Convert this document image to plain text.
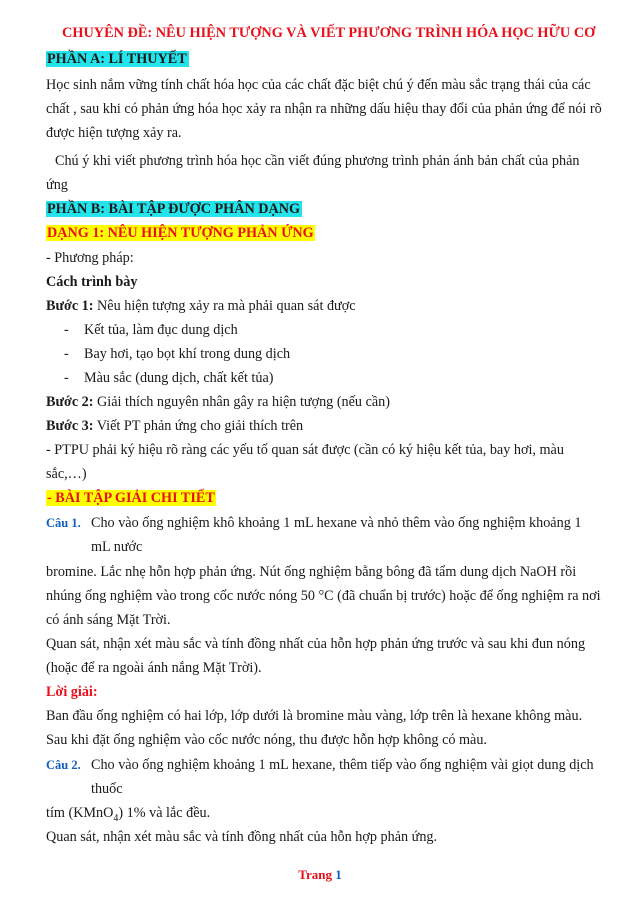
CHUYÊN ĐỀ: NÊU HIỆN TƯỢNG VÀ VIẾT PHƯƠNG TRÌNH HÓA HỌC HỮU CƠ
PHẦN A: LÍ THUYẾT
Học sinh nắm vững tính chất hóa học của các chất đặc biệt chú ý đến màu sắc trạng thái của các
chất , sau khi có phản ứng hóa học xảy ra nhận ra những dấu hiệu thay đổi của phản ứng để nói rõ
được hiện tượng xảy ra.
Chú ý khi viết phương trình hóa học cần viết đúng phương trình phản ánh bản chất của phản
ứng
PHẦN B: BÀI TẬP ĐƯỢC PHÂN DẠNG
DẠNG 1: NÊU HIỆN TƯỢNG PHẢN ỨNG
- Phương pháp:
Cách trình bày
Bước 1: Nêu hiện tượng xảy ra mà phải quan sát được
- Kết tủa, làm đục dung dịch
- Bay hơi, tạo bọt khí trong dung dịch
- Màu sắc (dung dịch, chất kết tủa)
Bước 2: Giải thích nguyên nhân gây ra hiện tượng (nếu cần)
Bước 3: Viết PT phản ứng cho giải thích trên
- PTPU phải ký hiệu rõ ràng các yếu tố quan sát được (cần có ký hiệu kết tủa, bay hơi, màu
sắc,…)
- BÀI TẬP GIẢI CHI TIẾT
Câu 1. Cho vào ống nghiệm khô khoảng 1 mL hexane và nhỏ thêm vào ống nghiệm khoảng 1
mL nước
bromine. Lắc nhẹ hỗn hợp phản ứng. Nút ống nghiệm bằng bông đã tẩm dung dịch NaOH rồi
nhúng ống nghiệm vào trong cốc nước nóng 50 °C (đã chuẩn bị trước) hoặc để ống nghiệm ra nơi
có ánh sáng Mặt Trời.
Quan sát, nhận xét màu sắc và tính đồng nhất của hỗn hợp phản ứng trước và sau khi đun nóng
(hoặc để ra ngoài ánh nắng Mặt Trời).
Lời giải:
Ban đầu ống nghiệm có hai lớp, lớp dưới là bromine màu vàng, lớp trên là hexane không màu.
Sau khi đặt ống nghiệm vào cốc nước nóng, thu được hỗn hợp không có màu.
Câu 2. Cho vào ống nghiệm khoảng 1 mL hexane, thêm tiếp vào ống nghiệm vài giọt dung dịch
thuốc
tím (KMnO$_4$) 1% và lắc đều.
Quan sát, nhận xét màu sắc và tính đồng nhất của hỗn hợp phản ứng.
Trang 1
